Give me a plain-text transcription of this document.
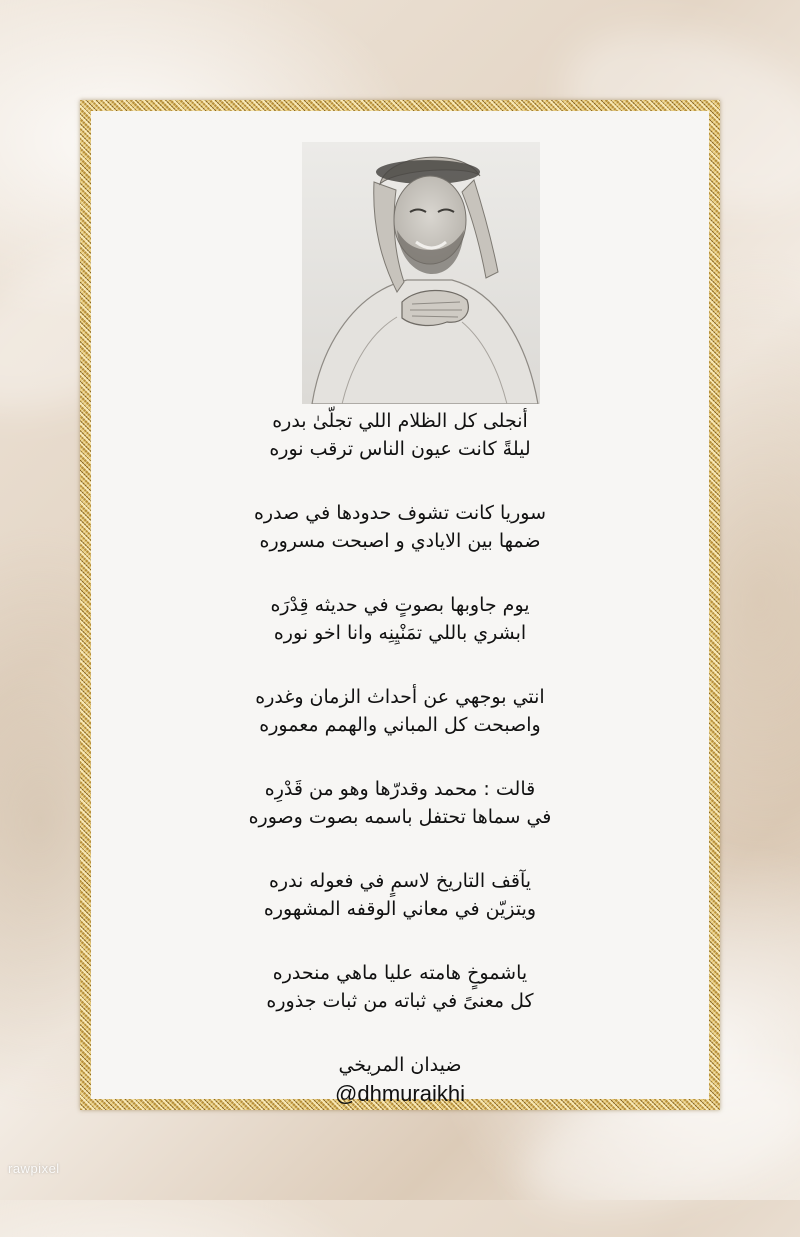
أنجلى كل الظلام اللي تجلّىٰ بدره
ليلةً كانت عيون الناس ترقب نوره
سوريا كانت تشوف حدودها في صدره
ضمها بين الايادي و اصبحت مسروره
يوم جاوبها بصوتٍ في حديثه قِدْرَه
ابشري باللي تمَنْيِنِه وانا اخو نوره
انتي بوجهي عن أحداث الزمان وغدره
واصبحت كل المباني والهمم معموره
قالت : محمد وقدرّها وهو من قَدْرِه
في سماها تحتفل باسمه بصوت وصوره
يآقف التاريخ لاسمٍ في فعوله ندره
ويتزيّن في معاني الوقفه المشهوره
ياشموخٍ هامته عليا ماهي منحدره
كل معنىً في ثباته من ثبات جذوره
ضيدان المريخي
@dhmuraikhi
rawpixel
